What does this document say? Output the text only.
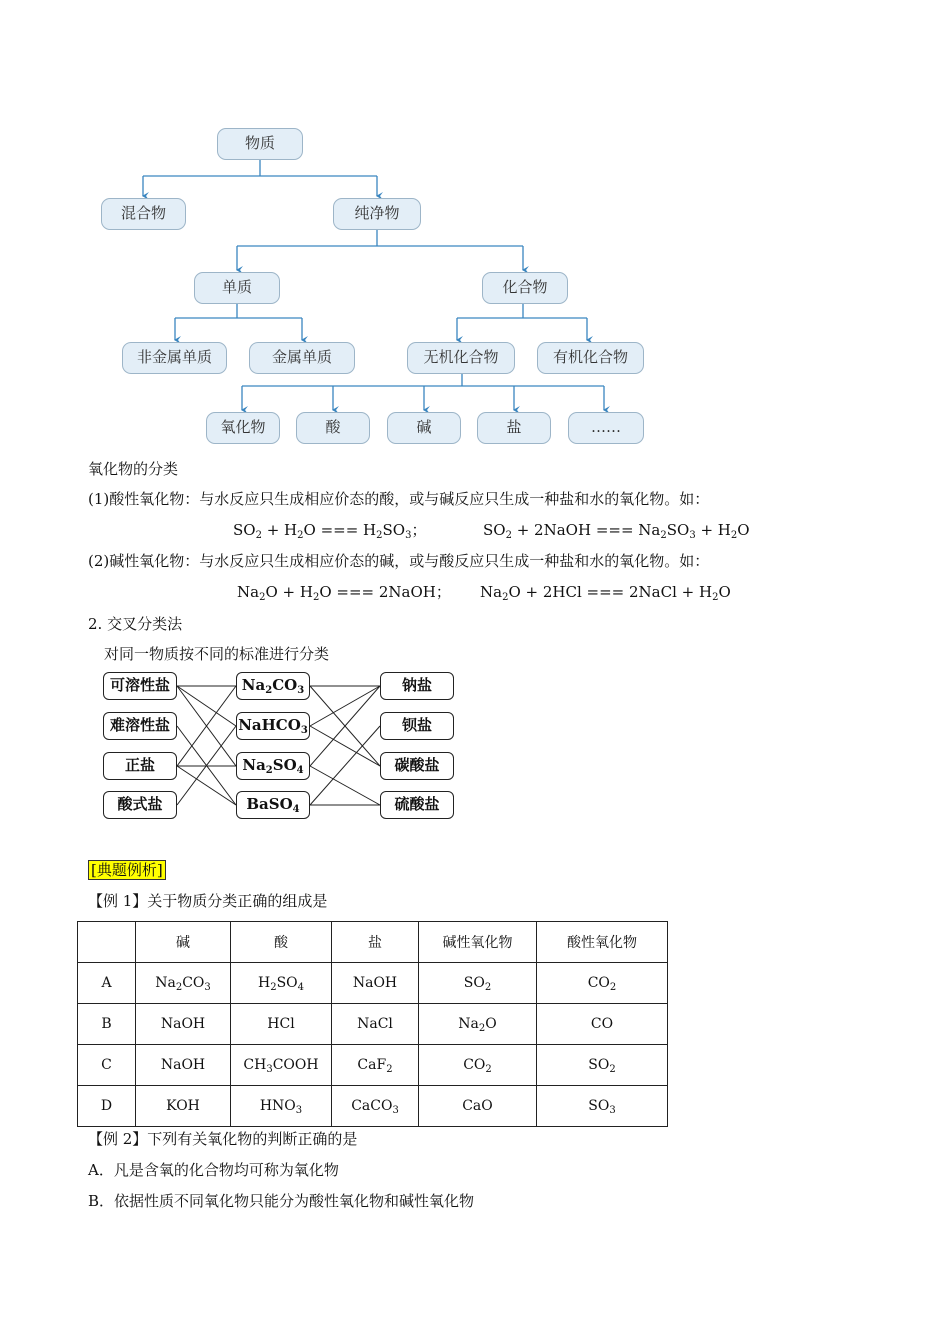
物质
混合物	纯净物
单质	化合物
非金属单质	金属单质	无机化合物	有机化合物
氧化物	酸	碱	盐	……
氧化物的分类
(1)酸性氧化物：与水反应只生成相应价态的酸，或与碱反应只生成一种盐和水的氧化物。如：
$SO_2 + H_2O$ === $H_2SO_3$；	$SO_2$ + 2NaOH === $Na_2SO_3 + H_2O$
(2)碱性氧化物：与水反应只生成相应价态的碱，或与酸反应只生成一种盐和水的氧化物。如：
$Na_2O + H_2O$ === 2NaOH； $Na_2O + 2HCl$ === 2NaCl + $H_2O$
2. 交叉分类法
对同一物质按不同的标准进行分类
可溶性盐
难溶性盐
正盐
酸式盐
$Na_2CO_3$
NaHCO$_3$
$Na_2SO_4$
BaSO$_4$
钠盐
钡盐
碳酸盐
硫酸盐
[典题例析]
【例 1】关于物质分类正确的组成是
	碱	酸	盐	碱性氧化物	酸性氧化物
A	$Na_2CO_3$	$H_2SO_4$	NaOH	$SO_2$	$CO_2$
B	NaOH	HCl	NaCl	$Na_2O$	CO
C	NaOH	$CH_3COOH$	CaF$_2$	$CO_2$	$SO_2$
D	KOH	$HNO_3$	CaCO$_3$	CaO	$SO_3$
【例 2】下列有关氧化物的判断正确的是
A．凡是含氧的化合物均可称为氧化物
B．依据性质不同氧化物只能分为酸性氧化物和碱性氧化物
